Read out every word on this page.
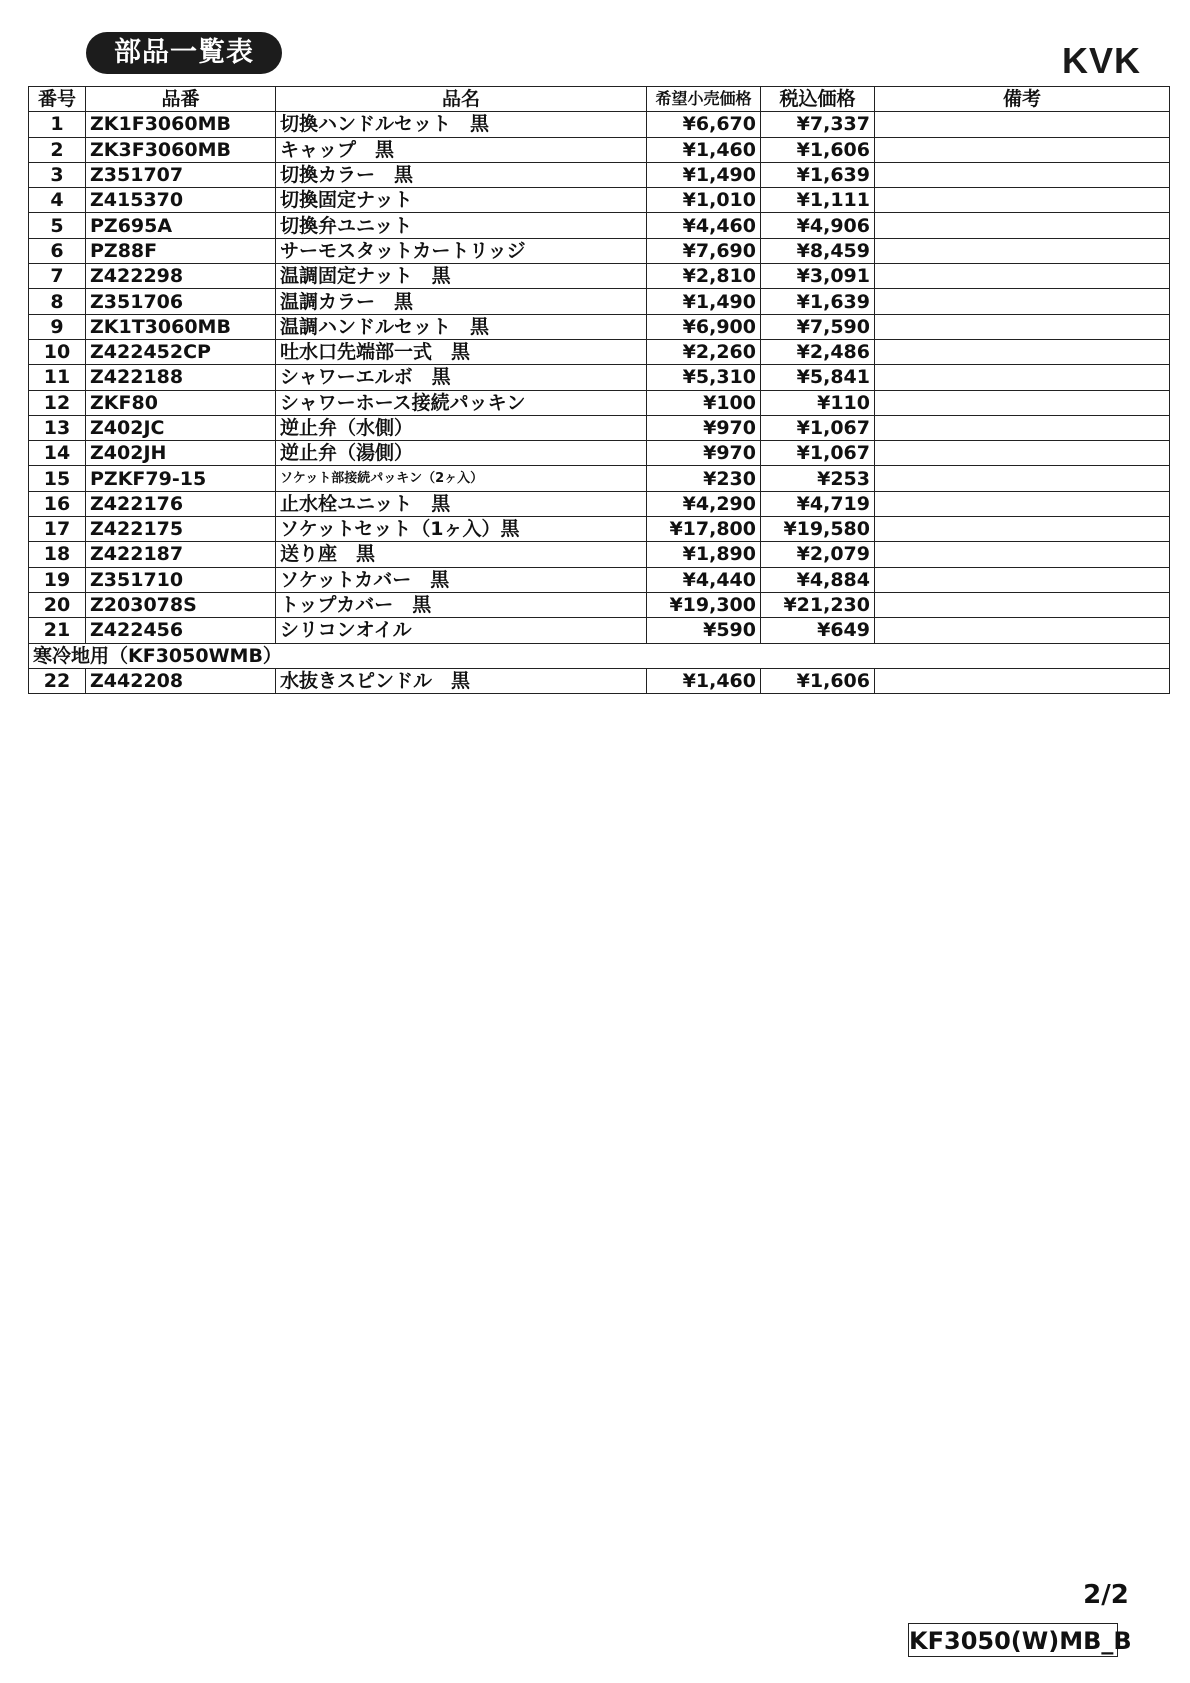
部品一覧表	KVK
番号	品番	品名	希望小売価格	税込価格	備考
1	ZK1F3060MB	切換ハンドルセット　黒	¥6,670	¥7,337	
2	ZK3F3060MB	キャップ　黒	¥1,460	¥1,606	
3	Z351707	切換カラー　黒	¥1,490	¥1,639	
4	Z415370	切換固定ナット	¥1,010	¥1,111	
5	PZ695A	切換弁ユニット	¥4,460	¥4,906	
6	PZ88F	サーモスタットカートリッジ	¥7,690	¥8,459	
7	Z422298	温調固定ナット　黒	¥2,810	¥3,091	
8	Z351706	温調カラー　黒	¥1,490	¥1,639	
9	ZK1T3060MB	温調ハンドルセット　黒	¥6,900	¥7,590	
10	Z422452CP	吐水口先端部一式　黒	¥2,260	¥2,486	
11	Z422188	シャワーエルボ　黒	¥5,310	¥5,841	
12	ZKF80	シャワーホース接続パッキン	¥100	¥110	
13	Z402JC	逆止弁（水側）	¥970	¥1,067	
14	Z402JH	逆止弁（湯側）	¥970	¥1,067	
15	PZKF79-15	ソケット部接続パッキン（2ヶ入）	¥230	¥253	
16	Z422176	止水栓ユニット　黒	¥4,290	¥4,719	
17	Z422175	ソケットセット（1ヶ入）黒	¥17,800	¥19,580	
18	Z422187	送り座　黒	¥1,890	¥2,079	
19	Z351710	ソケットカバー　黒	¥4,440	¥4,884	
20	Z203078S	トップカバー　黒	¥19,300	¥21,230	
21	Z422456	シリコンオイル	¥590	¥649	
寒冷地用（KF3050WMB）					
22	Z442208	水抜きスピンドル　黒	¥1,460	¥1,606	
2/2
KF3050(W)MB_B
